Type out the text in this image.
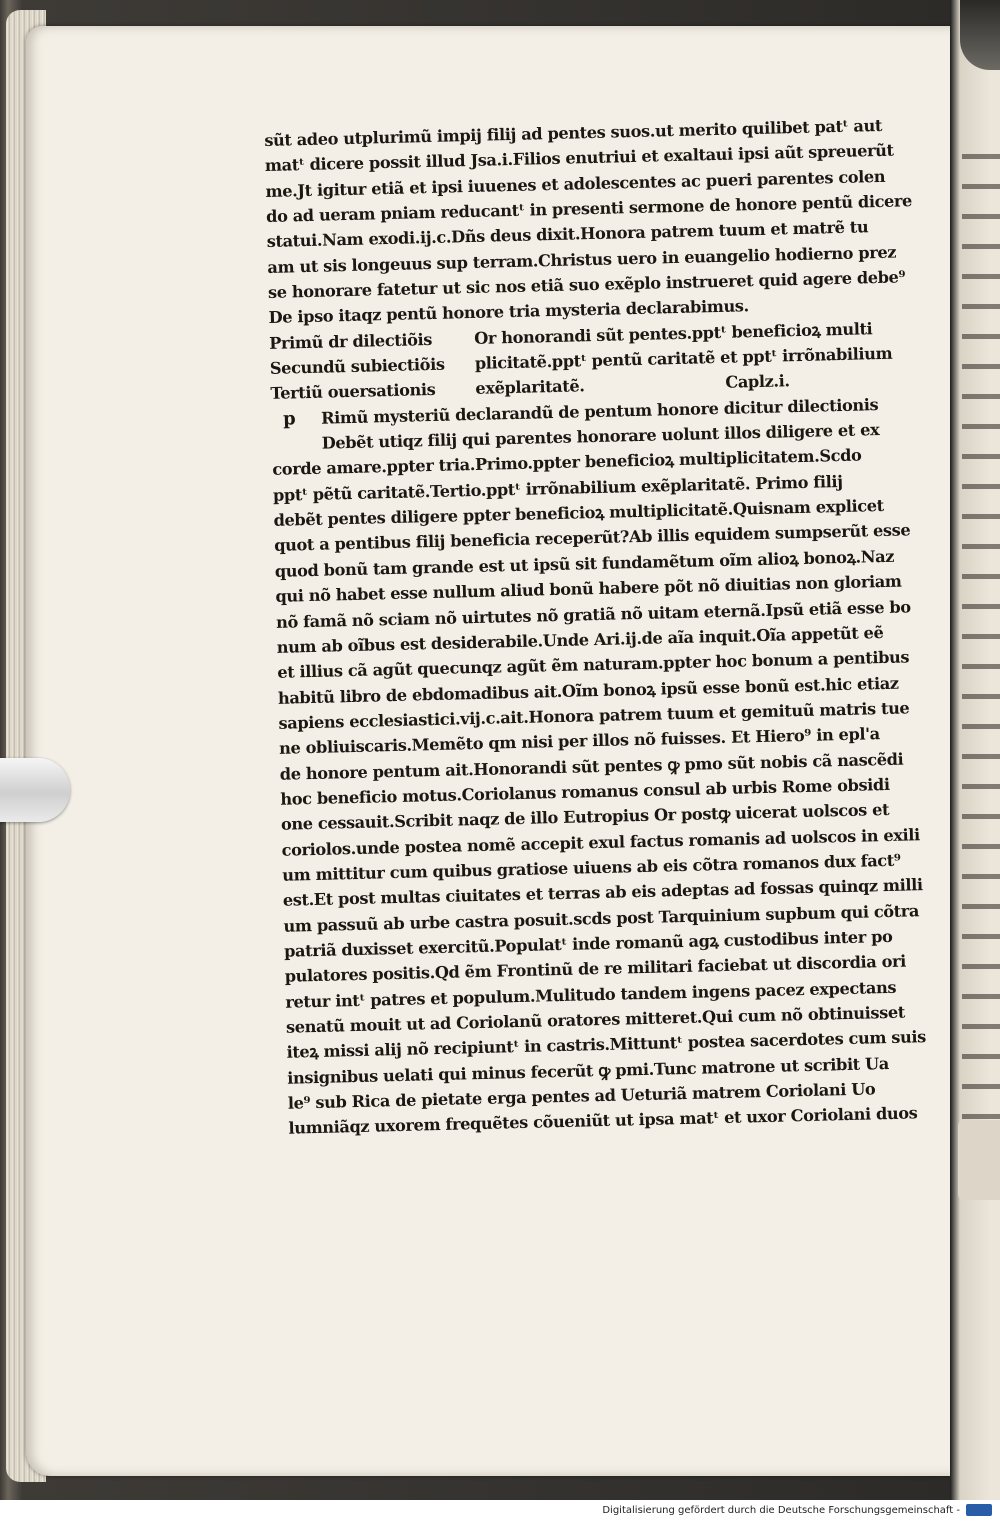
sũt adeo utplurimũ impij filij ad pentes suos.ut merito quilibet patᵗ aut
matᵗ dicere possit illud Jsa.i.Filios enutriui et exaltaui ipsi aũt spreuerũt
me.Jt igitur etiã et ipsi iuuenes et adolescentes ac pueri parentes colen
do ad ueram pniam reducantᵗ in presenti sermone de honore pentũ dicere
statui.Nam exodi.ij.c.Dñs deus dixit.Honora patrem tuum et matrẽ tu
am ut sis longeuus sup terram.Christus uero in euangelio hodierno prez
se honorare fatetur ut sic nos etiã suo exẽplo instrueret quid agere debe⁹
De ipso itaqz pentũ honore tria mysteria declarabimus.
Primũ dr dilectiõis
Secundũ subiectiõis
Tertiũ ouersationis
Or honorandi sũt pentes.pptᵗ beneficioꝝ multi
plicitatẽ.pptᵗ pentũ caritatẽ et pptᵗ irrõnabilium
exẽplaritatẽ.	Caplz.i.
p	Rimũ mysteriũ declarandũ de pentum honore dicitur dilectionis
Debẽt utiqz filij qui parentes honorare uolunt illos diligere et ex
corde amare.ppter tria.Primo.ppter beneficioꝝ multiplicitatem.Scdo
pptᵗ pẽtũ caritatẽ.Tertio.pptᵗ irrõnabilium exẽplaritatẽ. Primo filij
debẽt pentes diligere ppter beneficioꝝ multiplicitatẽ.Quisnam explicet
quot a pentibus filij beneficia receperũt?Ab illis equidem sumpserũt esse
quod bonũ tam grande est ut ipsũ sit fundamẽtum oĩm alioꝝ bonoꝝ.Naz
qui nõ habet esse nullum aliud bonũ habere põt nõ diuitias non gloriam
nõ famã nõ sciam nõ uirtutes nõ gratiã nõ uitam eternã.Ipsũ etiã esse bo
num ab oĩbus est desiderabile.Unde Ari.ij.de aĩa inquit.Oĩa appetũt eẽ
et illius cã agũt quecunqz agũt ẽm naturam.ppter hoc bonum a pentibus
habitũ libro de ebdomadibus ait.Oĩm bonoꝝ ipsũ esse bonũ est.hic etiaz
sapiens ecclesiastici.vij.c.ait.Honora patrem tuum et gemituũ matris tue
ne obliuiscaris.Memẽto qm nisi per illos nõ fuisses. Et Hiero⁹ in epl'a
de honore pentum ait.Honorandi sũt pentes ꝙ pmo sũt nobis cã nascẽdi
hoc beneficio motus.Coriolanus romanus consul ab urbis Rome obsidi
one cessauit.Scribit naqz de illo Eutropius Or postꝙ uicerat uolscos et
coriolos.unde postea nomẽ accepit exul factus romanis ad uolscos in exili
um mittitur cum quibus gratiose uiuens ab eis cõtra romanos dux fact⁹
est.Et post multas ciuitates et terras ab eis adeptas ad fossas quinqz milli
um passuũ ab urbe castra posuit.scds post Tarquinium supbum qui cõtra
patriã duxisset exercitũ.Populatᵗ inde romanũ agꝝ custodibus inter po
pulatores positis.Qd ẽm Frontinũ de re militari faciebat ut discordia ori
retur intᵗ patres et populum.Mulitudo tandem ingens pacez expectans
senatũ mouit ut ad Coriolanũ oratores mitteret.Qui cum nõ obtinuisset
iteꝝ missi alij nõ recipiuntᵗ in castris.Mittuntᵗ postea sacerdotes cum suis
insignibus uelati qui minus fecerũt ꝙ pmi.Tunc matrone ut scribit Ua
le⁹ sub Rica de pietate erga pentes ad Ueturiã matrem Coriolani Uo
lumniãqz uxorem frequẽtes cõueniũt ut ipsa matᵗ et uxor Coriolani duos
Digitalisierung gefördert durch die Deutsche Forschungsgemeinschaft -
